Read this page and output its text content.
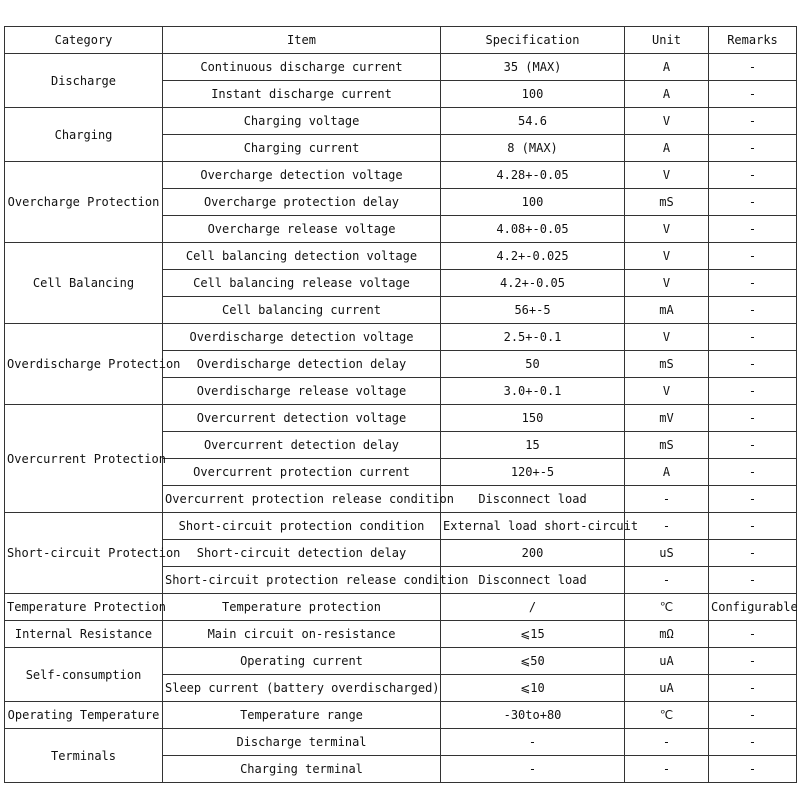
Category	Item	Specification	Unit	Remarks
Discharge	Continuous discharge current	35 (MAX)	A	-
	Instant discharge current	100	A	-
Charging	Charging voltage	54.6	V	-
	Charging current	8 (MAX)	A	-
Overcharge Protection	Overcharge detection voltage	4.28+-0.05	V	-
	Overcharge protection delay	100	mS	-
	Overcharge release voltage	4.08+-0.05	V	-
Cell Balancing	Cell balancing detection voltage	4.2+-0.025	V	-
	Cell balancing release voltage	4.2+-0.05	V	-
	Cell balancing current	56+-5	mA	-
Overdischarge Protection	Overdischarge detection voltage	2.5+-0.1	V	-
	Overdischarge detection delay	50	mS	-
	Overdischarge release voltage	3.0+-0.1	V	-
Overcurrent Protection	Overcurrent detection voltage	150	mV	-
	Overcurrent detection delay	15	mS	-
	Overcurrent protection current	120+-5	A	-
	Overcurrent protection release condition	Disconnect load	-	-
Short-circuit Protection	Short-circuit protection condition	External load short-circuit	-	-
	Short-circuit detection delay	200	uS	-
	Short-circuit protection release condition	Disconnect load	-	-
Temperature Protection	Temperature protection	/	℃	Configurable
Internal Resistance	Main circuit on-resistance	⩽15	mΩ	-
Self-consumption	Operating current	⩽50	uA	-
	Sleep current (battery overdischarged)	⩽10	uA	-
Operating Temperature	Temperature range	-30to+80	℃	-
Terminals	Discharge terminal	-	-	-
	Charging terminal	-	-	-
